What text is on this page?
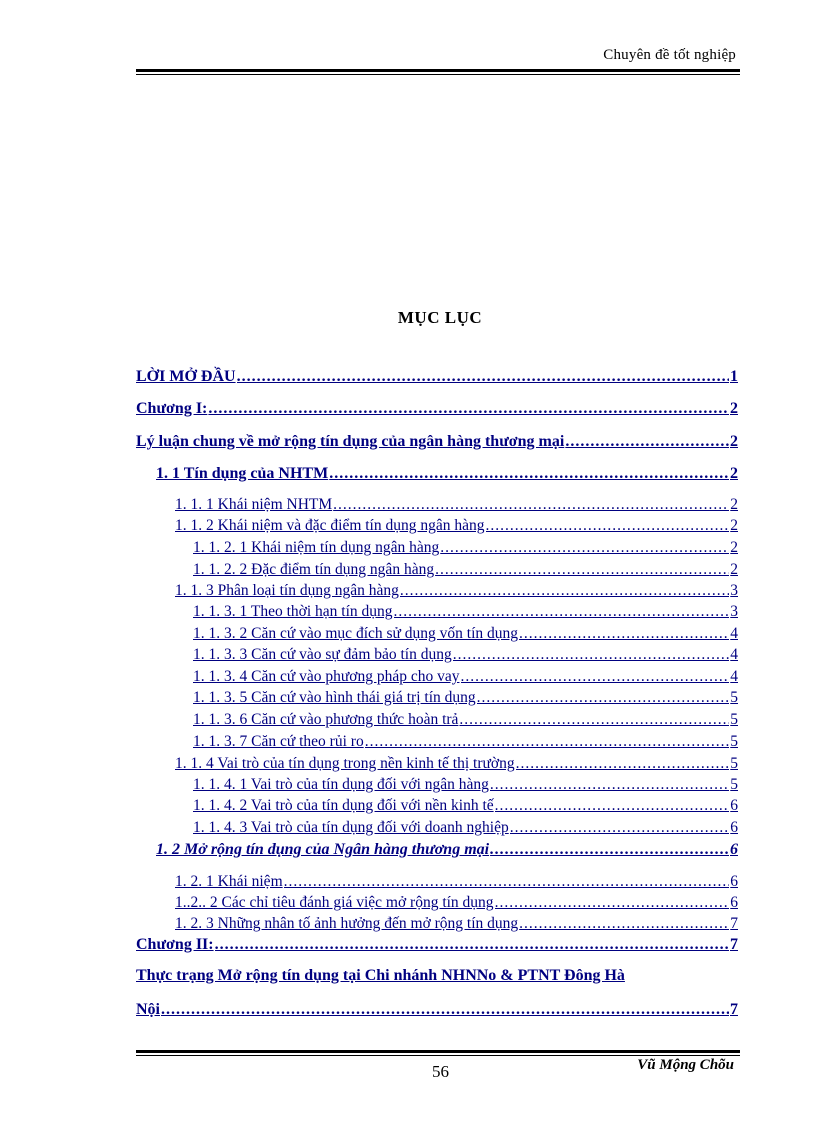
Chuyên đề tốt nghiệp
MỤC LỤC
LỜI MỞ ĐẦU .....	1
Chương I: .....	2
Lý luận chung về mở rộng tín dụng của ngân hàng thương mại .....	2
1. 1 Tín dụng của NHTM .....	2
1. 1. 1 Khái niệm NHTM .....	2
1. 1. 2 Khái niệm và đặc điểm tín dụng ngân hàng .....	2
1. 1. 2. 1 Khái niệm tín dụng ngân hàng .....	2
1. 1. 2. 2 Đặc điểm tín dụng ngân hàng .....	2
1. 1. 3 Phân loại tín dụng ngân hàng .....	3
1. 1. 3. 1 Theo thời hạn tín dụng .....	3
1. 1. 3. 2 Căn cứ vào mục đích sử dụng vốn tín dụng .....	4
1. 1. 3. 3 Căn cứ vào sự đảm bảo tín dụng .....	4
1. 1. 3. 4 Căn cứ vào phương pháp cho vay .....	4
1. 1. 3. 5 Căn cứ vào hình thái giá trị tín dụng .....	5
1. 1. 3. 6 Căn cứ vào phương thức hoàn trả .....	5
1. 1. 3. 7 Căn cứ theo rủi ro .....	5
1. 1. 4 Vai trò của tín dụng trong nền kinh tế thị trường .....	5
1. 1. 4. 1 Vai trò của tín dụng đối với ngân hàng .....	5
1. 1. 4. 2 Vai trò của tín dụng đối với nền kinh tế .....	6
1. 1. 4. 3 Vai trò của tín dụng đối với doanh nghiệp .....	6
1. 2 Mở rộng tín dụng của Ngân hàng thương mại .....	6
1. 2. 1 Khái niệm .....	6
1..2.. 2 Các chỉ tiêu đánh giá việc mở rộng tín dụng .....	6
1. 2. 3 Những nhân tố ảnh hưởng đến mở rộng tín dụng .....	7
Chương II: .....	7
Thực trạng Mở rộng tín dụng tại Chi nhánh NHNNo & PTNT Đông Hà
Nội .....	7
56	Vũ Mộng Chõu
